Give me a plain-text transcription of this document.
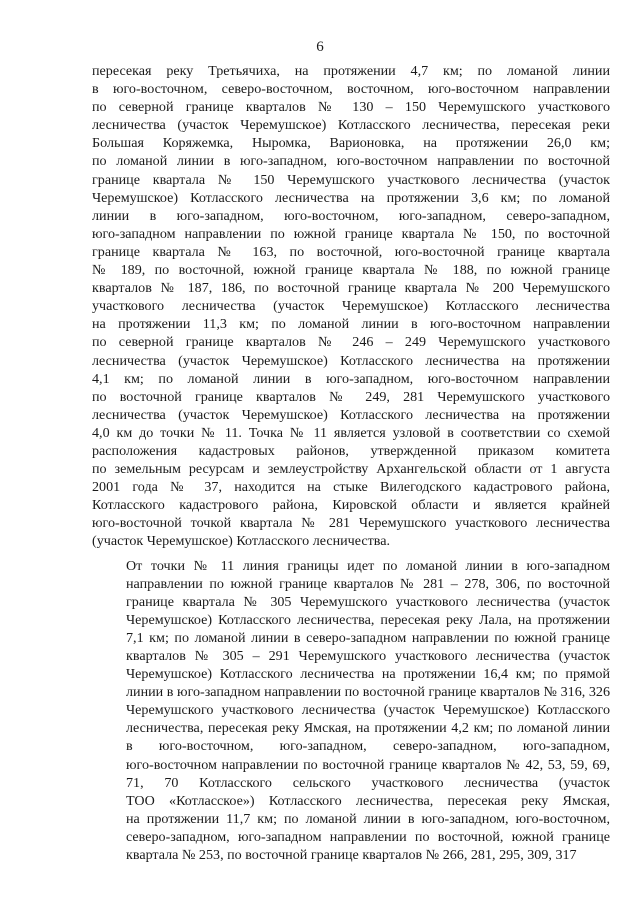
6
пересекая реку Третьячиха, на протяжении 4,7 км; по ломаной линии
в юго-восточном, северо-восточном, восточном, юго-восточном направлении
по северной границе кварталов № 130 – 150 Черемушского участкового
лесничества (участок Черемушское) Котласского лесничества, пересекая реки
Большая Коряжемка, Ныромка, Варионовка, на протяжении 26,0 км;
по ломаной линии в юго-западном, юго-восточном направлении по восточной
границе квартала № 150 Черемушского участкового лесничества (участок
Черемушское) Котласского лесничества на протяжении 3,6 км; по ломаной
линии в юго-западном, юго-восточном, юго-западном, северо-западном,
юго-западном направлении по южной границе квартала № 150, по восточной
границе квартала № 163, по восточной, юго-восточной границе квартала
№ 189, по восточной, южной границе квартала № 188, по южной границе
кварталов № 187, 186, по восточной границе квартала № 200 Черемушского
участкового лесничества (участок Черемушское) Котласского лесничества
на протяжении 11,3 км; по ломаной линии в юго-восточном направлении
по северной границе кварталов № 246 – 249 Черемушского участкового
лесничества (участок Черемушское) Котласского лесничества на протяжении
4,1 км; по ломаной линии в юго-западном, юго-восточном направлении
по восточной границе кварталов № 249, 281 Черемушского участкового
лесничества (участок Черемушское) Котласского лесничества на протяжении
4,0 км до точки № 11. Точка № 11 является узловой в соответствии со схемой
расположения кадастровых районов, утвержденной приказом комитета
по земельным ресурсам и землеустройству Архангельской области от 1 августа
2001 года № 37, находится на стыке Вилегодского кадастрового района,
Котласского кадастрового района, Кировской области и является крайней
юго-восточной точкой квартала № 281 Черемушского участкового лесничества
(участок Черемушское) Котласского лесничества.
От точки № 11 линия границы идет по ломаной линии в юго-западном
направлении по южной границе кварталов № 281 – 278, 306, по восточной
границе квартала № 305 Черемушского участкового лесничества (участок
Черемушское) Котласского лесничества, пересекая реку Лала, на протяжении
7,1 км; по ломаной линии в северо-западном направлении по южной границе
кварталов № 305 – 291 Черемушского участкового лесничества (участок
Черемушское) Котласского лесничества на протяжении 16,4 км; по прямой
линии в юго-западном направлении по восточной границе кварталов № 316, 326
Черемушского участкового лесничества (участок Черемушское) Котласского
лесничества, пересекая реку Ямская, на протяжении 4,2 км; по ломаной линии
в юго-восточном, юго-западном, северо-западном, юго-западном,
юго-восточном направлении по восточной границе кварталов № 42, 53, 59, 69,
71, 70 Котласского сельского участкового лесничества (участок
ТОО «Котласское») Котласского лесничества, пересекая реку Ямская,
на протяжении 11,7 км; по ломаной линии в юго-западном, юго-восточном,
северо-западном, юго-западном направлении по восточной, южной границе
квартала № 253, по восточной границе кварталов № 266, 281, 295, 309, 317
